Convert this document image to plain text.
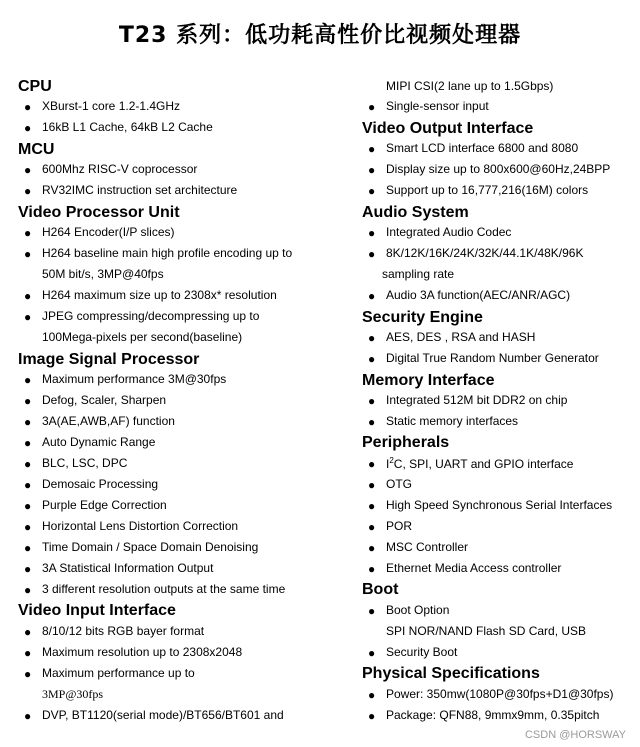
T23 系列：低功耗高性价比视频处理器
CPU
● XBurst-1 core 1.2-1.4GHz
● 16kB L1 Cache, 64kB L2 Cache
MCU
● 600Mhz RISC-V coprocessor
● RV32IMC instruction set architecture
Video Processor Unit
● H264 Encoder(I/P slices)
● H264 baseline main high profile encoding up to
50M bit/s, 3MP@40fps
● H264 maximum size up to 2308x* resolution
● JPEG compressing/decompressing up to
100Mega-pixels per second(baseline)
Image Signal Processor
● Maximum performance 3M@30fps
● Defog, Scaler, Sharpen
● 3A(AE,AWB,AF) function
● Auto Dynamic Range
● BLC, LSC, DPC
● Demosaic Processing
● Purple Edge Correction
● Horizontal Lens Distortion Correction
● Time Domain / Space Domain Denoising
● 3A Statistical Information Output
● 3 different resolution outputs at the same time
Video Input Interface
● 8/10/12 bits RGB bayer format
● Maximum resolution up to 2308x2048
● Maximum performance up to
3MP@30fps
● DVP, BT1120(serial mode)/BT656/BT601 and
MIPI CSI(2 lane up to 1.5Gbps)
● Single-sensor input
Video Output Interface
● Smart LCD interface 6800 and 8080
● Display size up to 800x600@60Hz,24BPP
● Support up to 16,777,216(16M) colors
Audio System
● Integrated Audio Codec
● 8K/12K/16K/24K/32K/44.1K/48K/96K
sampling rate
● Audio 3A function(AEC/ANR/AGC)
Security Engine
● AES, DES , RSA and HASH
● Digital True Random Number Generator
Memory Interface
● Integrated 512M bit DDR2 on chip
● Static memory interfaces
Peripherals
● $I^2C$, SPI, UART and GPIO interface
● OTG
● High Speed Synchronous Serial Interfaces
● POR
● MSC Controller
● Ethernet Media Access controller
Boot
● Boot Option
SPI NOR/NAND Flash SD Card, USB
● Security Boot
Physical Specifications
● Power: 350mw(1080P@30fps+D1@30fps)
● Package: QFN88, 9mmx9mm, 0.35pitch
CSDN @HORSWAY
